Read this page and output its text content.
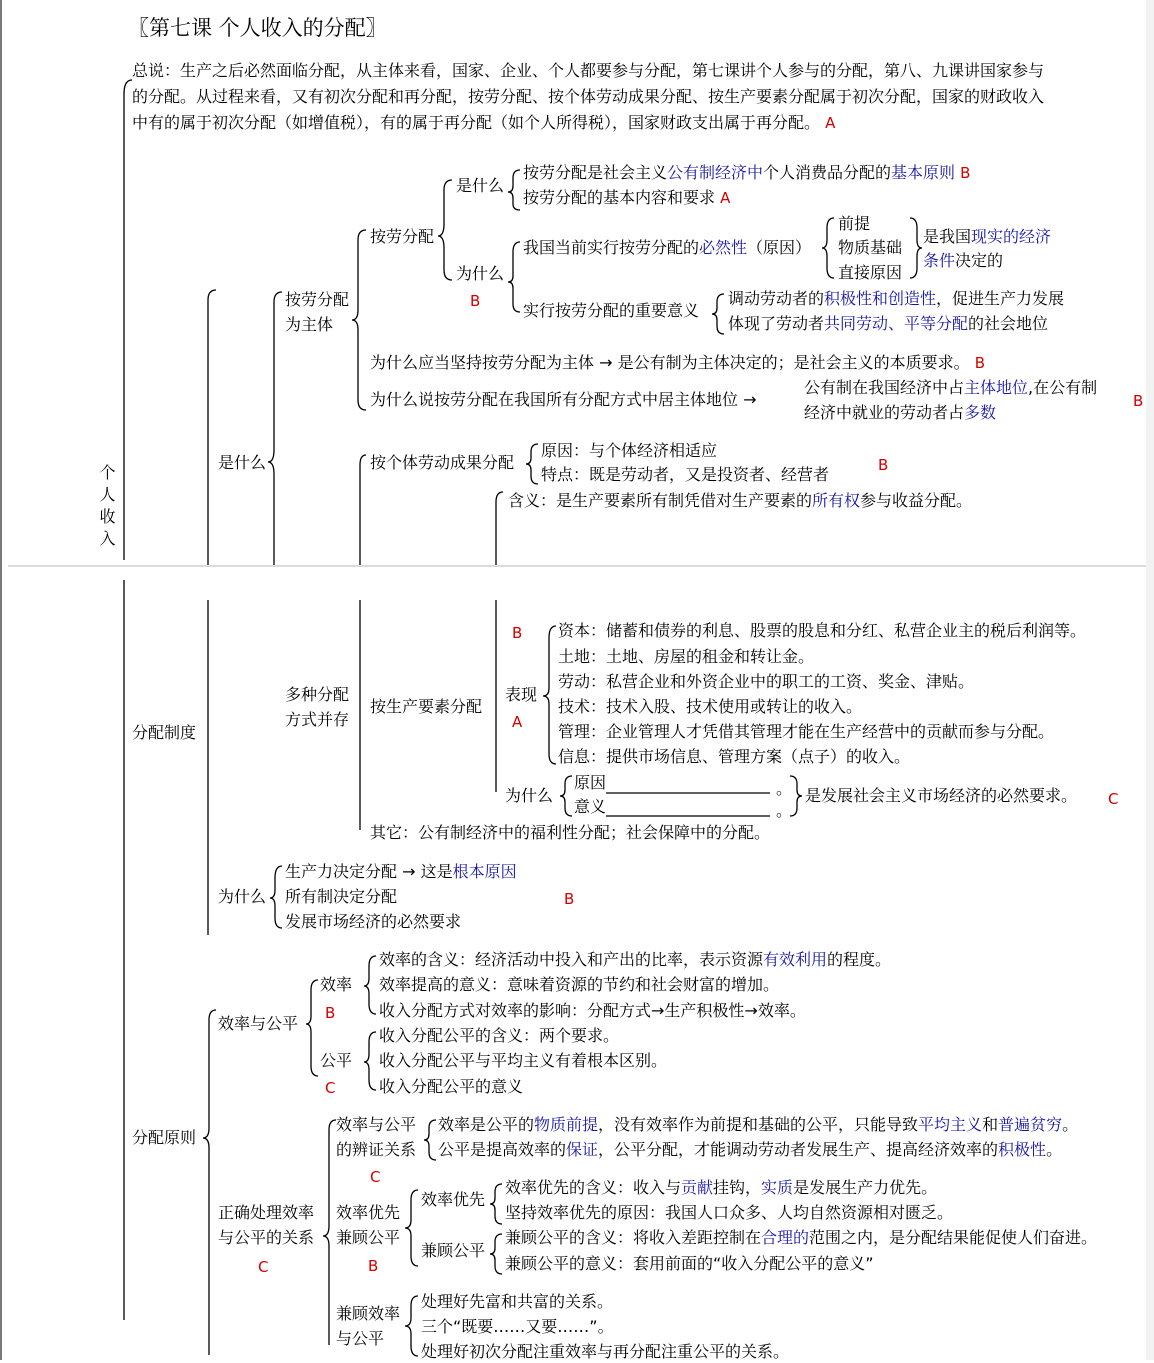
〖第七课 个人收入的分配〗
总说：生产之后必然面临分配，从主体来看，国家、企业、个人都要参与分配，第七课讲个人参与的分配，第八、九课讲国家参与
的分配。从过程来看，又有初次分配和再分配，按劳分配、按个体劳动成果分配、按生产要素分配属于初次分配，国家的财政收入
中有的属于初次分配（如增值税），有的属于再分配（如个人所得税），国家财政支出属于再分配。 A
个人收入
分配制度
分配原则
是什么
按劳分配
为主体
按劳分配
是什么
按劳分配是社会主义公有制经济中个人消费品分配的基本原则 B
按劳分配的基本内容和要求 A
为什么
B
我国当前实行按劳分配的必然性（原因）
前提
物质基础
直接原因
是我国现实的经济
条件决定的
实行按劳分配的重要意义
调动劳动者的积极性和创造性，促进生产力发展
体现了劳动者共同劳动、平等分配的社会地位
为什么应当坚持按劳分配为主体 → 是公有制为主体决定的；是社会主义的本质要求。 B
为什么说按劳分配在我国所有分配方式中居主体地位 →
公有制在我国经济中占主体地位,在公有制
经济中就业的劳动者占多数
B
多种分配
方式并存
按个体劳动成果分配
原因：与个体经济相适应
特点：既是劳动者，又是投资者、经营者	B
含义：是生产要素所有制凭借对生产要素的所有权参与收益分配。
按生产要素分配
B
表现
A
资本：储蓄和债券的利息、股票的股息和分红、私营企业主的税后利润等。
土地：土地、房屋的租金和转让金。
劳动：私营企业和外资企业中的职工的工资、奖金、津贴。
技术：技术入股、技术使用或转让的收入。
管理：企业管理人才凭借其管理才能在生产经营中的贡献而参与分配。
信息：提供市场信息、管理方案（点子）的收入。
为什么
原因
意义
。
。
是发展社会主义市场经济的必然要求。 C
其它：公有制经济中的福利性分配；社会保障中的分配。
为什么
生产力决定分配 → 这是根本原因
所有制决定分配
发展市场经济的必然要求
B
效率与公平
效率
B
效率的含义：经济活动中投入和产出的比率，表示资源有效利用的程度。
效率提高的意义：意味着资源的节约和社会财富的增加。
收入分配方式对效率的影响：分配方式→生产积极性→效率。
公平
C
收入分配公平的含义：两个要求。
收入分配公平与平均主义有着根本区别。
收入分配公平的意义
正确处理效率
与公平的关系
C
效率与公平
的辨证关系
C
效率是公平的物质前提，没有效率作为前提和基础的公平，只能导致平均主义和普遍贫穷。
公平是提高效率的保证，公平分配，才能调动劳动者发展生产、提高经济效率的积极性。
效率优先
兼顾公平
B
效率优先
效率优先的含义：收入与贡献挂钩，实质是发展生产力优先。
坚持效率优先的原因：我国人口众多、人均自然资源相对匮乏。
兼顾公平
兼顾公平的含义：将收入差距控制在合理的范围之内，是分配结果能促使人们奋进。
兼顾公平的意义：套用前面的“收入分配公平的意义”
兼顾效率
与公平
处理好先富和共富的关系。
三个“既要……又要……”。
处理好初次分配注重效率与再分配注重公平的关系。
